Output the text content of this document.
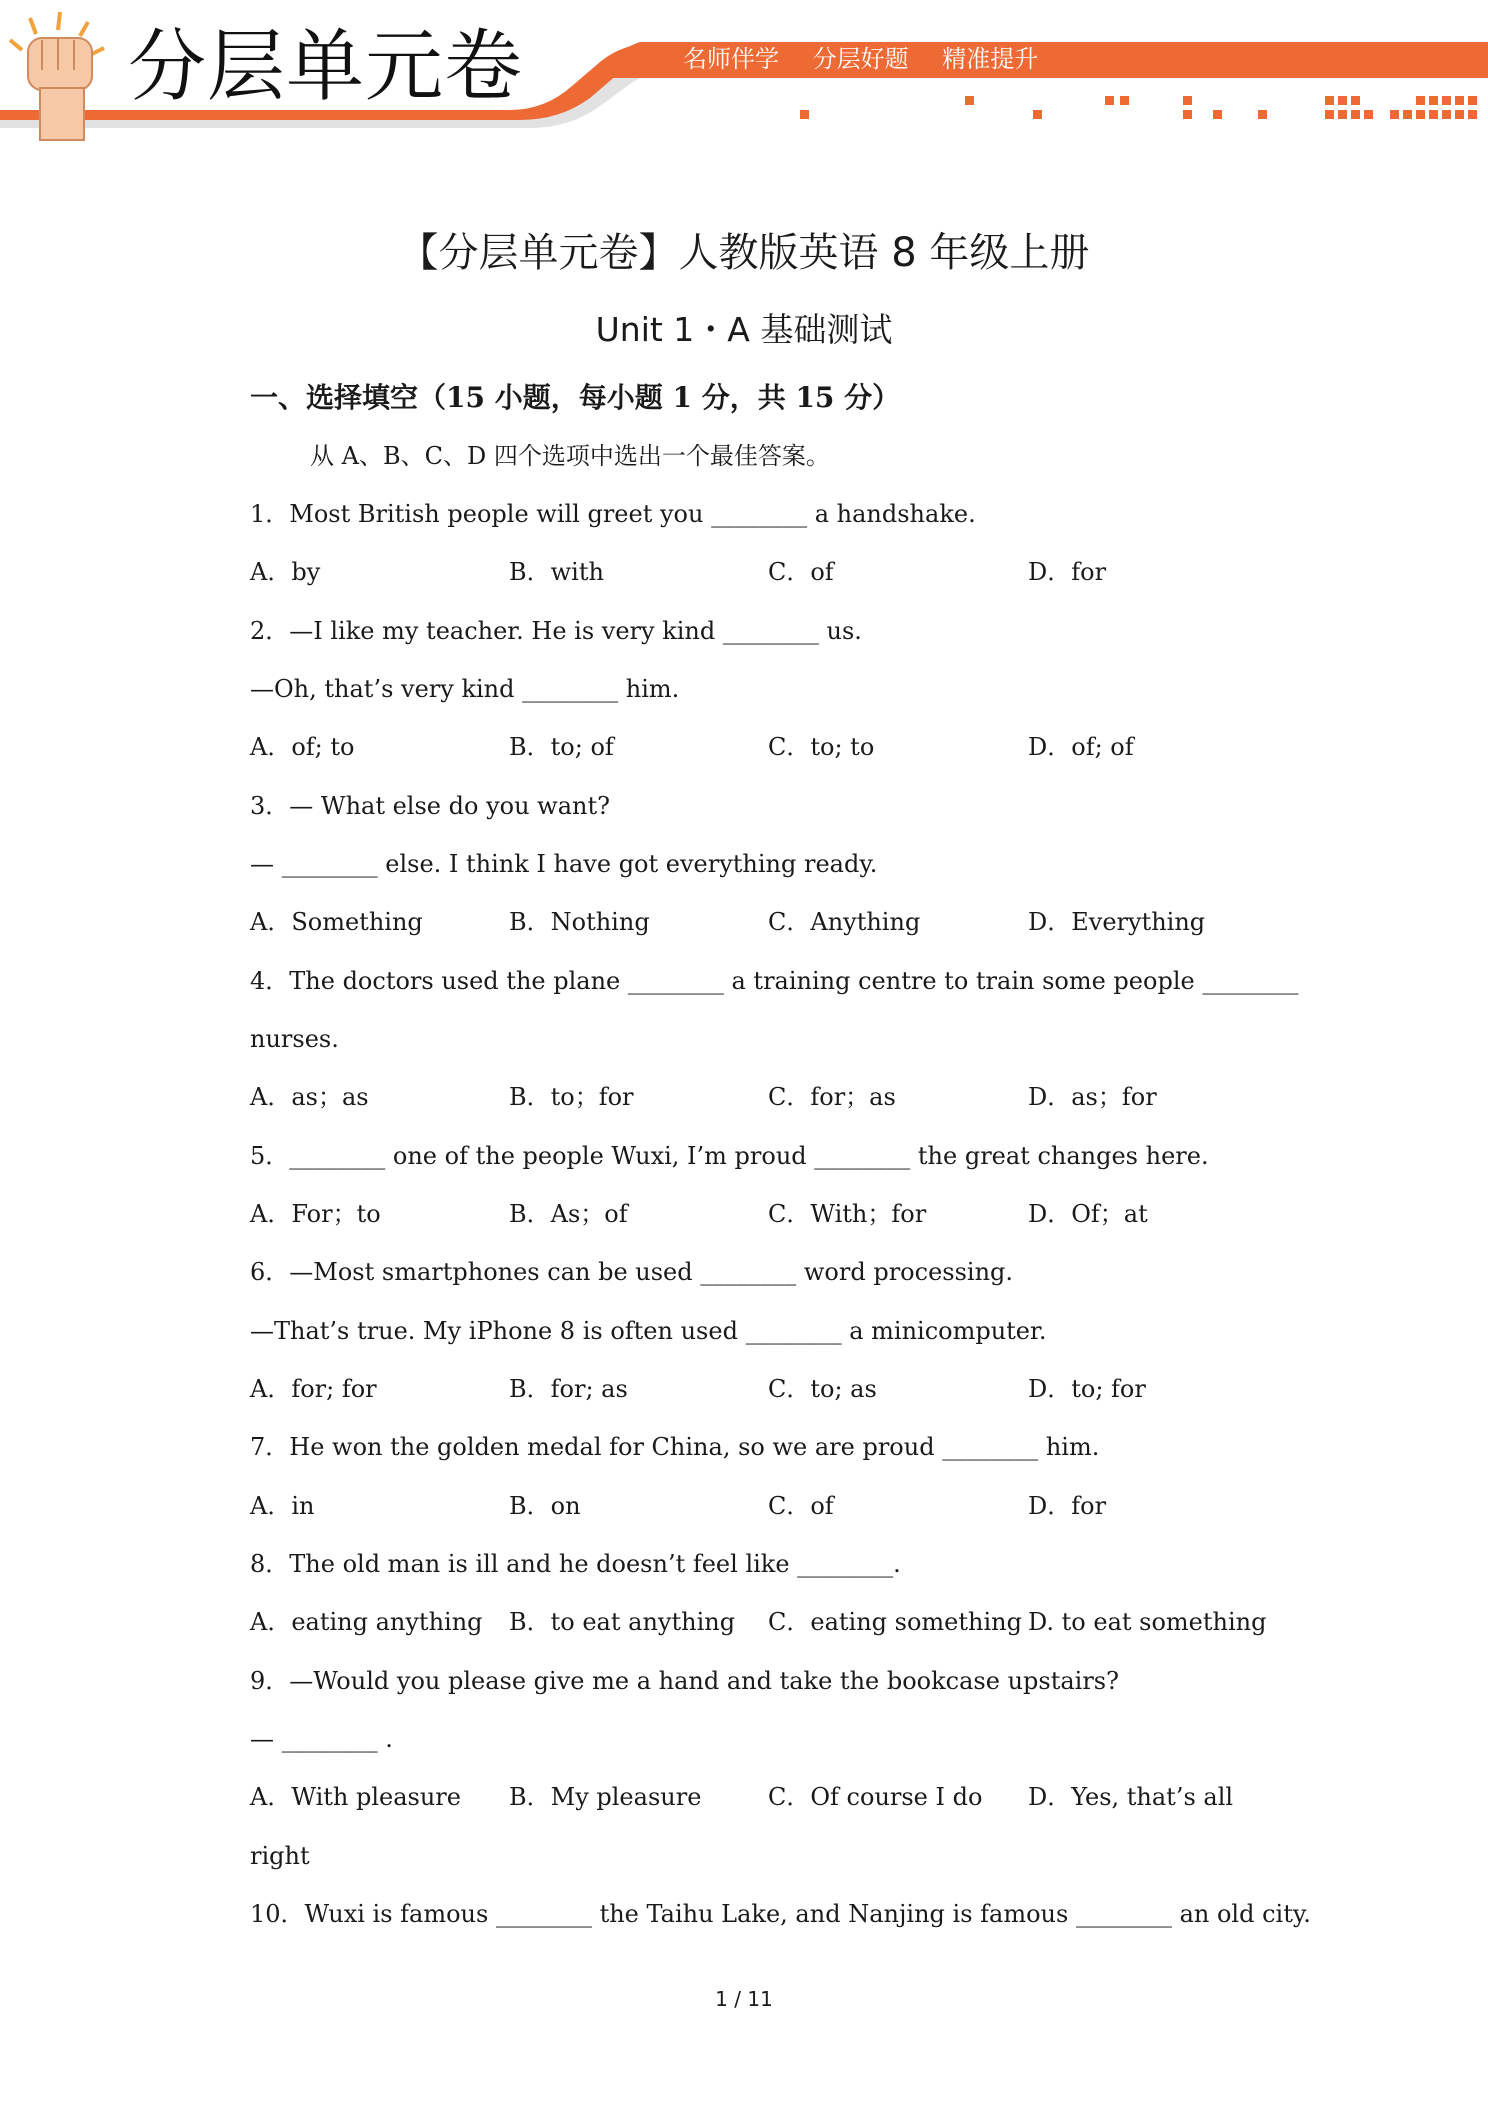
分层单元卷	名师伴学 分层好题 精准提升
【分层单元卷】人教版英语 8 年级上册
Unit 1・A 基础测试
一、选择填空（15 小题，每小题 1 分，共 15 分）
从 A、B、C、D 四个选项中选出一个最佳答案。
1．Most British people will greet you ________ a handshake.
A．by	B．with	C．of	D．for
2．—I like my teacher. He is very kind ________ us.
—Oh, that’s very kind ________ him.
A．of; to	B．to; of	C．to; to	D．of; of
3．— What else do you want?
— ________ else. I think I have got everything ready.
A．Something	B．Nothing	C．Anything	D．Everything
4．The doctors used the plane ________ a training centre to train some people ________
nurses.
A．as；as	B．to；for	C．for；as	D．as；for
5．________ one of the people Wuxi, I’m proud ________ the great changes here.
A．For；to	B．As；of	C．With；for	D．Of；at
6．—Most smartphones can be used ________ word processing.
—That’s true. My iPhone 8 is often used ________ a minicomputer.
A．for; for	B．for; as	C．to; as	D．to; for
7．He won the golden medal for China, so we are proud ________ him.
A．in	B．on	C．of	D．for
8．The old man is ill and he doesn’t feel like ________.
A．eating anything B．to eat anything C．eating something D. to eat something
9．—Would you please give me a hand and take the bookcase upstairs?
— ________ .
A．With pleasure B．My pleasure	C．Of course I do D．Yes, that’s all
right
10．Wuxi is famous ________ the Taihu Lake, and Nanjing is famous ________ an old city.
1 / 11
